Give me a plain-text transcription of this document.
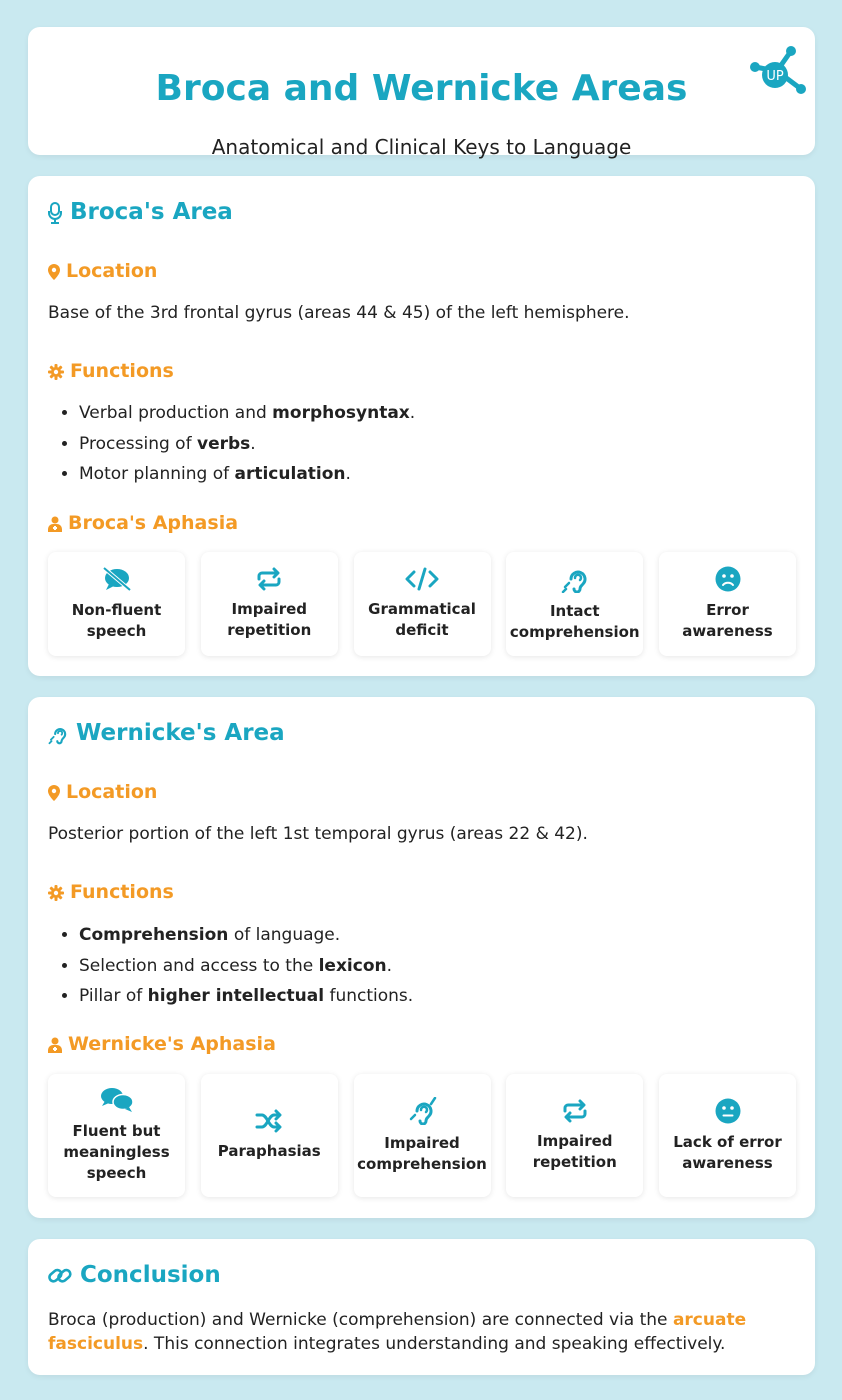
Broca and Wernicke Areas

Anatomical and Clinical Keys to Language

UP
Broca's Area
Location

Base of the 3rd frontal gyrus (areas 44 & 45) of the left hemisphere.

Functions
• Verbal production and morphosyntax.
• Processing of verbs.
• Motor planning of articulation.
Broca's Aphasia
Non-fluent speech
Impaired repetition
Grammatical deficit
Intact comprehension
Error awareness
Wernicke's Area
Location

Posterior portion of the left 1st temporal gyrus (areas 22 & 42).

Functions
• Comprehension of language.
• Selection and access to the lexicon.
• Pillar of higher intellectual functions.
Wernicke's Aphasia
Fluent but meaningless speech
Paraphasias	Impaired comprehension
Impaired repetition
Lack of error awareness
Conclusion

Broca (production) and Wernicke (comprehension) are connected via the arcuate fasciculus. This connection integrates understanding and speaking effectively.
